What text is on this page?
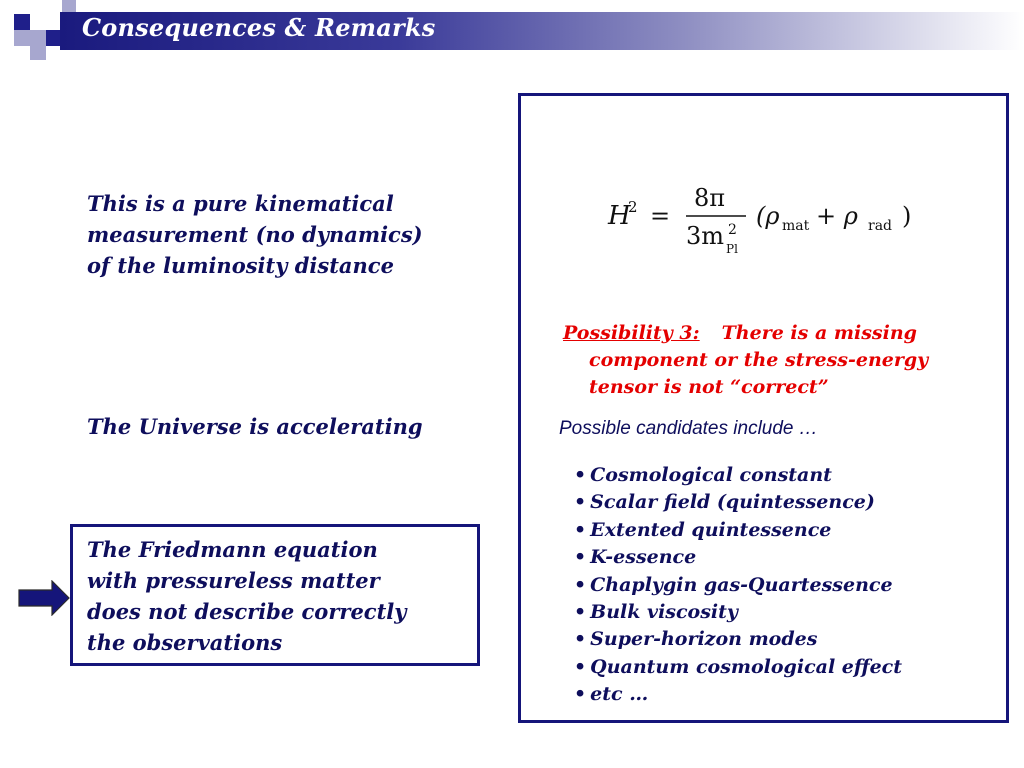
Consequences & Remarks
This is a pure kinematical
measurement (no dynamics)
of the luminosity distance
The Universe is accelerating
The Friedmann equation
with pressureless matter
does not describe correctly
the observations
H
2 =
8π
3m 2
Pl
(ρ mat + ρ rad )
Possibility 3: There is a missing
component or the stress-energy
tensor is not “correct”
Possible candidates include …
• Cosmological constant
• Scalar field (quintessence)
• Extented quintessence
• K-essence
• Chaplygin gas-Quartessence
• Bulk viscosity
• Super-horizon modes
• Quantum cosmological effect
• etc …
